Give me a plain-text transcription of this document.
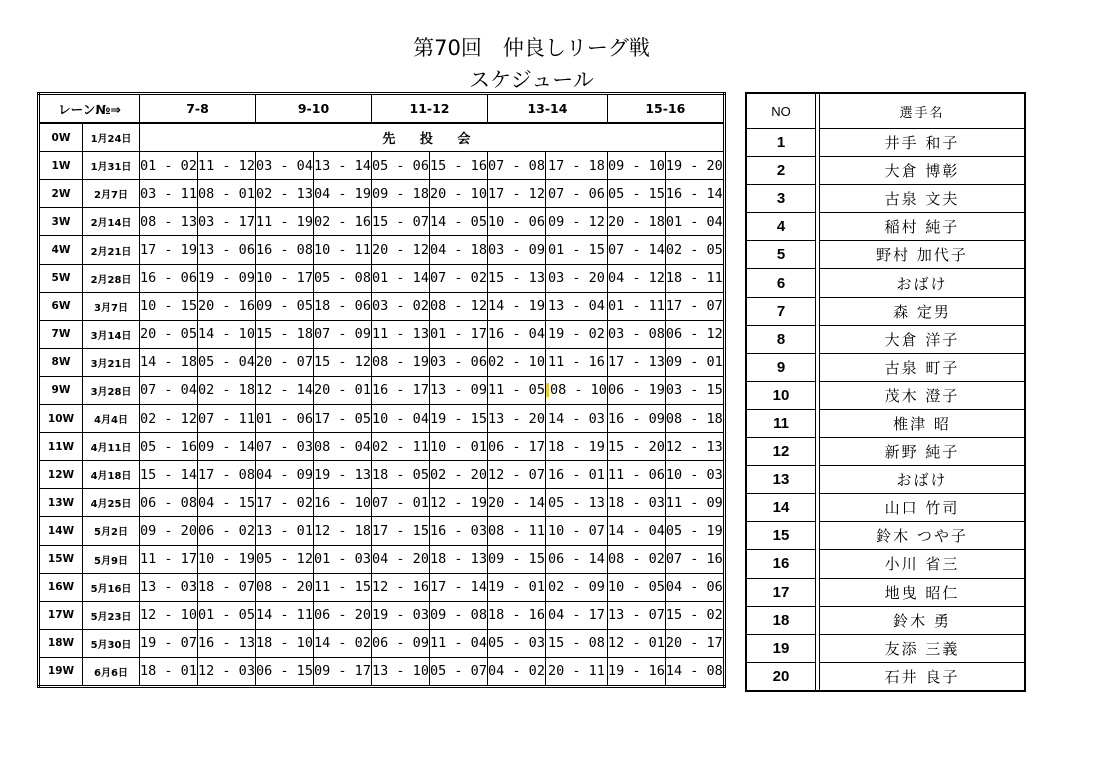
第70回　仲良しリーグ戦
スケジュール
レーン№⇒		7-8		9-10		11-12		13-14		15-16	
0W	1月24日	先 投 会									
1W	1月31日	01 - 02	11 - 12	03 - 04	13 - 14	05 - 06	15 - 16	07 - 08	17 - 18	09 - 10	19 - 20
2W	2月7日	03 - 11	08 - 01	02 - 13	04 - 19	09 - 18	20 - 10	17 - 12	07 - 06	05 - 15	16 - 14
3W	2月14日	08 - 13	03 - 17	11 - 19	02 - 16	15 - 07	14 - 05	10 - 06	09 - 12	20 - 18	01 - 04
4W	2月21日	17 - 19	13 - 06	16 - 08	10 - 11	20 - 12	04 - 18	03 - 09	01 - 15	07 - 14	02 - 05
5W	2月28日	16 - 06	19 - 09	10 - 17	05 - 08	01 - 14	07 - 02	15 - 13	03 - 20	04 - 12	18 - 11
6W	3月7日	10 - 15	20 - 16	09 - 05	18 - 06	03 - 02	08 - 12	14 - 19	13 - 04	01 - 11	17 - 07
7W	3月14日	20 - 05	14 - 10	15 - 18	07 - 09	11 - 13	01 - 17	16 - 04	19 - 02	03 - 08	06 - 12
8W	3月21日	14 - 18	05 - 04	20 - 07	15 - 12	08 - 19	03 - 06	02 - 10	11 - 16	17 - 13	09 - 01
9W	3月28日	07 - 04	02 - 18	12 - 14	20 - 01	16 - 17	13 - 09	11 - 05	08 - 10	06 - 19	03 - 15
10W	4月4日	02 - 12	07 - 11	01 - 06	17 - 05	10 - 04	19 - 15	13 - 20	14 - 03	16 - 09	08 - 18
11W	4月11日	05 - 16	09 - 14	07 - 03	08 - 04	02 - 11	10 - 01	06 - 17	18 - 19	15 - 20	12 - 13
12W	4月18日	15 - 14	17 - 08	04 - 09	19 - 13	18 - 05	02 - 20	12 - 07	16 - 01	11 - 06	10 - 03
13W	4月25日	06 - 08	04 - 15	17 - 02	16 - 10	07 - 01	12 - 19	20 - 14	05 - 13	18 - 03	11 - 09
14W	5月2日	09 - 20	06 - 02	13 - 01	12 - 18	17 - 15	16 - 03	08 - 11	10 - 07	14 - 04	05 - 19
15W	5月9日	11 - 17	10 - 19	05 - 12	01 - 03	04 - 20	18 - 13	09 - 15	06 - 14	08 - 02	07 - 16
16W	5月16日	13 - 03	18 - 07	08 - 20	11 - 15	12 - 16	17 - 14	19 - 01	02 - 09	10 - 05	04 - 06
17W	5月23日	12 - 10	01 - 05	14 - 11	06 - 20	19 - 03	09 - 08	18 - 16	04 - 17	13 - 07	15 - 02
18W	5月30日	19 - 07	16 - 13	18 - 10	14 - 02	06 - 09	11 - 04	05 - 03	15 - 08	12 - 01	20 - 17
19W	6月6日	18 - 01	12 - 03	06 - 15	09 - 17	13 - 10	05 - 07	04 - 02	20 - 11	19 - 16	14 - 08
NO		選手名
1		井手 和子
2		大倉 博彰
3		古泉 文夫
4		稲村 純子
5		野村 加代子
6		おばけ
7		森 定男
8		大倉 洋子
9		古泉 町子
10		茂木 澄子
11		椎津 昭
12		新野 純子
13		おばけ
14		山口 竹司
15		鈴木 つや子
16		小川 省三
17		地曳 昭仁
18		鈴木 勇
19		友添 三義
20		石井 良子
